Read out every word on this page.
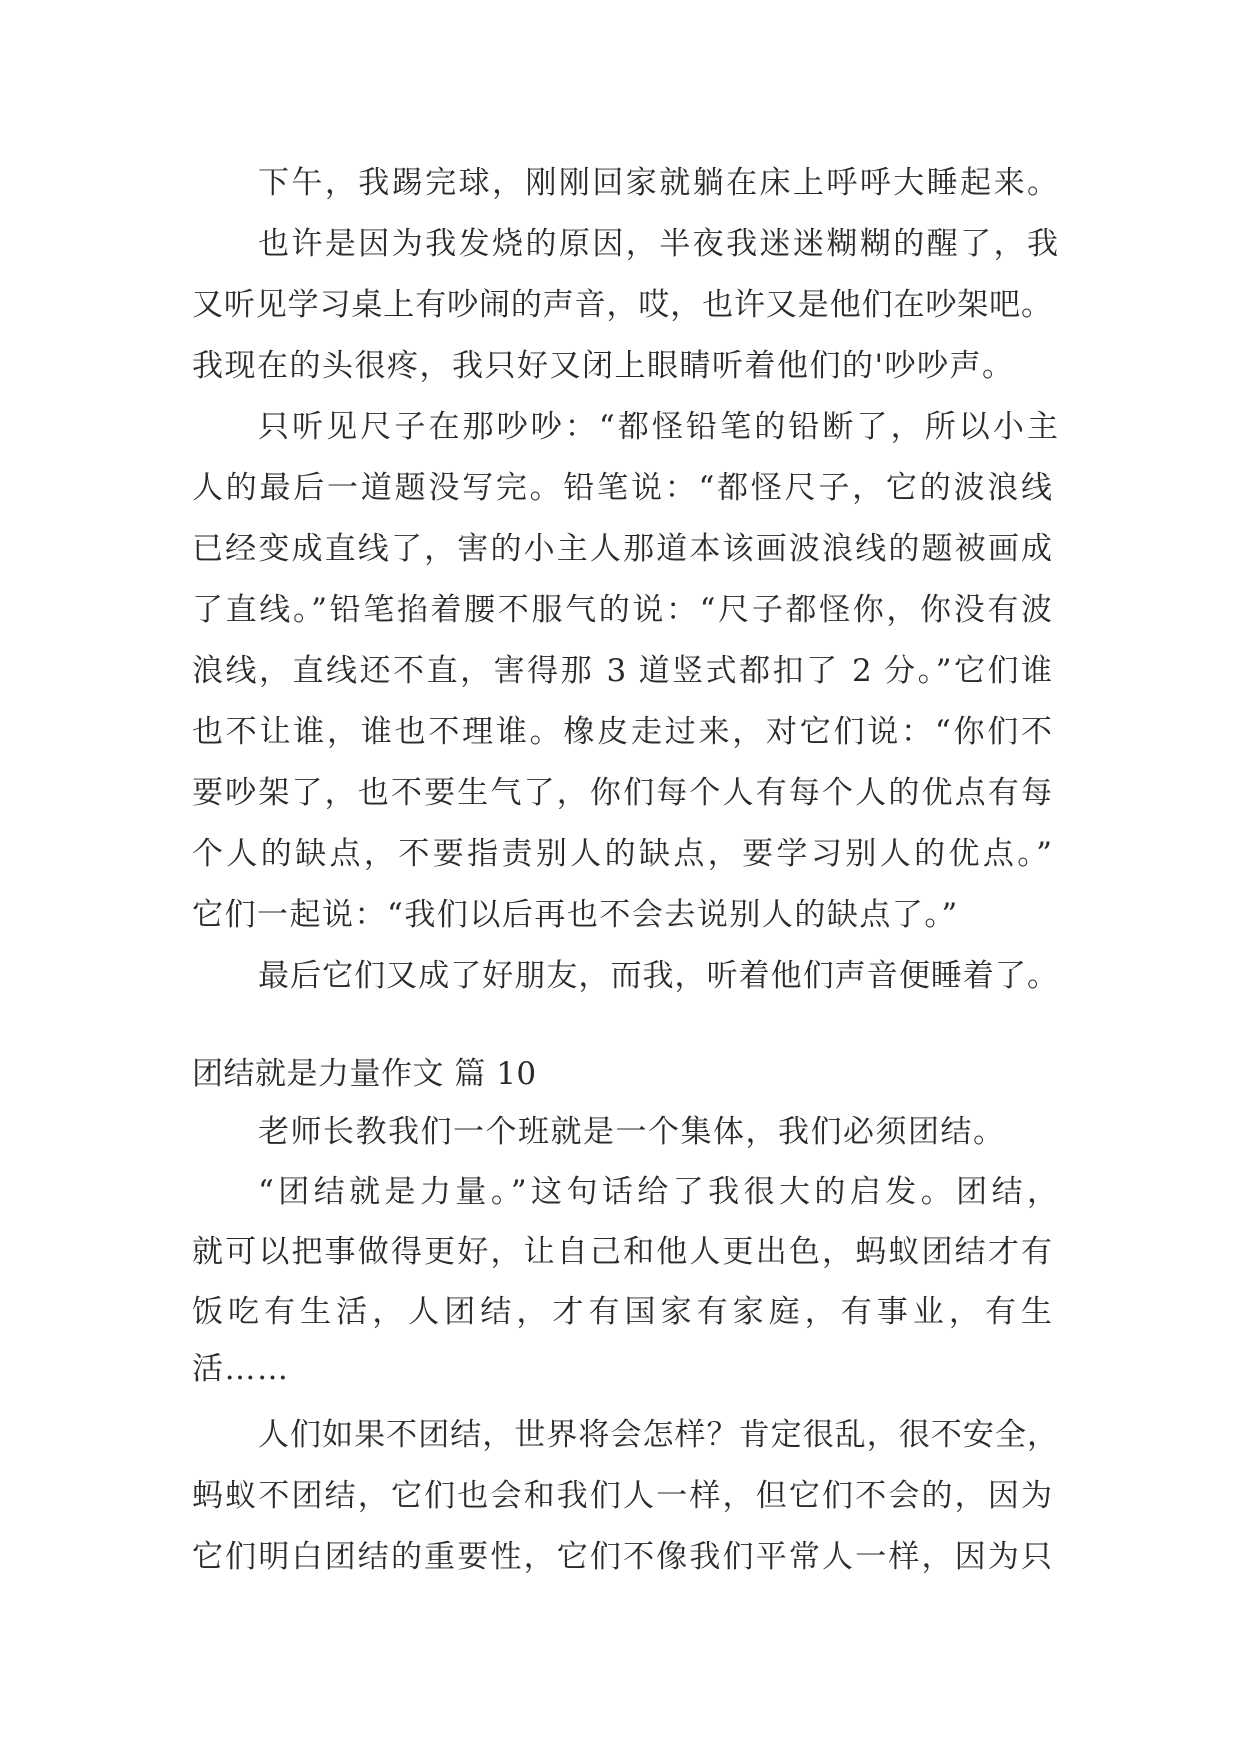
下午，我踢完球，刚刚回家就躺在床上呼呼大睡起来。
也许是因为我发烧的原因，半夜我迷迷糊糊的醒了，我
又听见学习桌上有吵闹的声音，哎，也许又是他们在吵架吧。
我现在的头很疼，我只好又闭上眼睛听着他们的'吵吵声。
只听见尺子在那吵吵：“都怪铅笔的铅断了，所以小主
人的最后一道题没写完。铅笔说：“都怪尺子，它的波浪线
已经变成直线了，害的小主人那道本该画波浪线的题被画成
了直线。”铅笔掐着腰不服气的说：“尺子都怪你，你没有波
浪线，直线还不直，害得那 3 道竖式都扣了 2 分。”它们谁
也不让谁，谁也不理谁。橡皮走过来，对它们说：“你们不
要吵架了，也不要生气了，你们每个人有每个人的优点有每
个人的缺点，不要指责别人的缺点，要学习别人的优点。”
它们一起说：“我们以后再也不会去说别人的缺点了。”
最后它们又成了好朋友，而我，听着他们声音便睡着了。
团结就是力量作文 篇 10
老师长教我们一个班就是一个集体，我们必须团结。
“团结就是力量。”这句话给了我很大的启发。团结，
就可以把事做得更好，让自己和他人更出色，蚂蚁团结才有
饭吃有生活，人团结，才有国家有家庭，有事业，有生
活……
人们如果不团结，世界将会怎样？肯定很乱，很不安全，
蚂蚁不团结，它们也会和我们人一样，但它们不会的，因为
它们明白团结的重要性，它们不像我们平常人一样，因为只
